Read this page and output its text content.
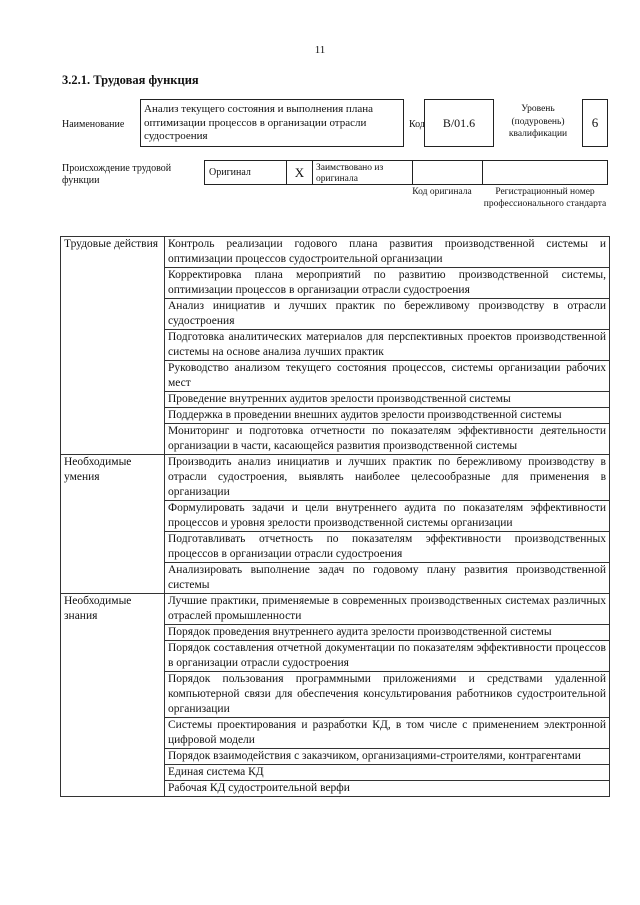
11
3.2.1. Трудовая функция
Наименование
Анализ текущего состояния и выполнения плана оптимизации процессов в организации отрасли судостроения
Код	B/01.6
Уровень (подуровень) квалификации
6
Происхождение трудовой функции
Оригинал	X	Заимствовано из оригинала
Код оригинала	Регистрационный номер профессионального стандарта
Трудовые действия	Контроль реализации годового плана развития производственной системы и оптимизации процессов судостроительной организации
	Корректировка плана мероприятий по развитию производственной системы, оптимизации процессов в организации отрасли судостроения
	Анализ инициатив и лучших практик по бережливому производству в отрасли судостроения
	Подготовка аналитических материалов для перспективных проектов производственной системы на основе анализа лучших практик
	Руководство анализом текущего состояния процессов, системы организации рабочих мест
	Проведение внутренних аудитов зрелости производственной системы
	Поддержка в проведении внешних аудитов зрелости производственной системы
	Мониторинг и подготовка отчетности по показателям эффективности деятельности организации в части, касающейся развития производственной системы
Необходимые умения	Производить анализ инициатив и лучших практик по бережливому производству в отрасли судостроения, выявлять наиболее целесообразные для применения в организации
	Формулировать задачи и цели внутреннего аудита по показателям эффективности процессов и уровня зрелости производственной системы организации
	Подготавливать отчетность по показателям эффективности производственных процессов в организации отрасли судостроения
	Анализировать выполнение задач по годовому плану развития производственной системы
Необходимые знания	Лучшие практики, применяемые в современных производственных системах различных отраслей промышленности
	Порядок проведения внутреннего аудита зрелости производственной системы
	Порядок составления отчетной документации по показателям эффективности процессов в организации отрасли судостроения
	Порядок пользования программными приложениями и средствами удаленной компьютерной связи для обеспечения консультирования работников судостроительной организации
	Системы проектирования и разработки КД, в том числе с применением электронной цифровой модели
	Порядок взаимодействия с заказчиком, организациями-строителями, контрагентами
	Единая система КД
	Рабочая КД судостроительной верфи
